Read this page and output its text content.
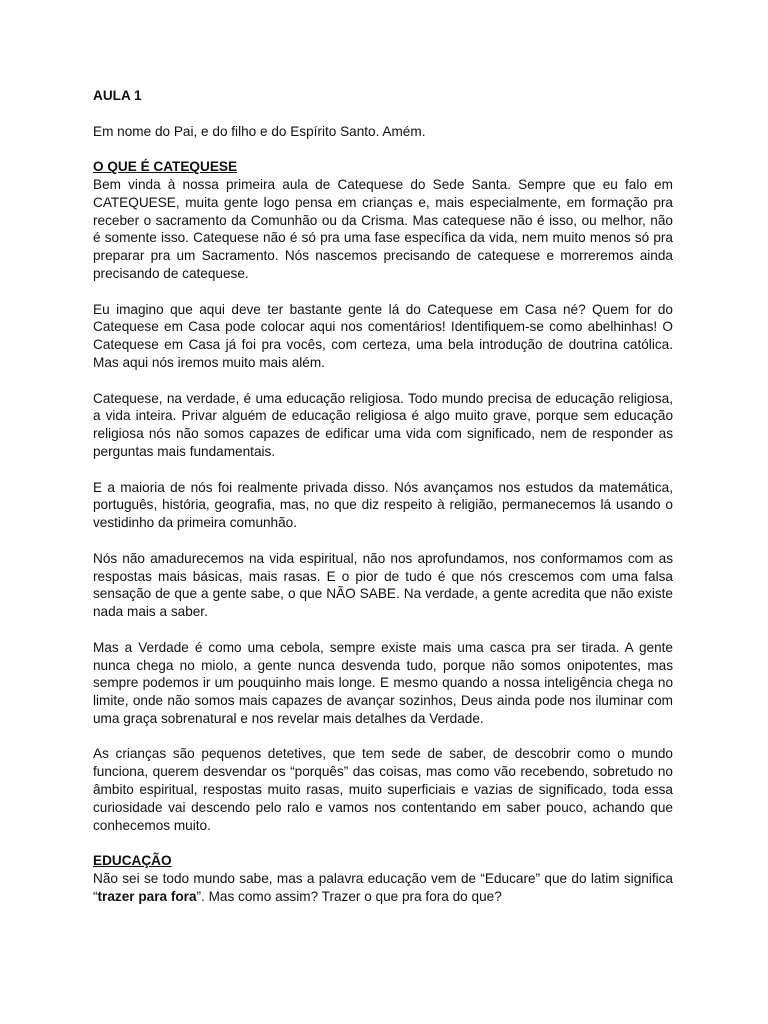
AULA 1

Em nome do Pai, e do filho e do Espírito Santo. Amém.

O QUE É CATEQUESE

Bem vinda à nossa primeira aula de Catequese do Sede Santa. Sempre que eu falo em CATEQUESE, muita gente logo pensa em crianças e, mais especialmente, em formação pra receber o sacramento da Comunhão ou da Crisma. Mas catequese não é isso, ou melhor, não é somente isso. Catequese não é só pra uma fase específica da vida, nem muito menos só pra preparar pra um Sacramento. Nós nascemos precisando de catequese e morreremos ainda precisando de catequese.

Eu imagino que aqui deve ter bastante gente lá do Catequese em Casa né? Quem for do Catequese em Casa pode colocar aqui nos comentários! Identifiquem-se como abelhinhas! O Catequese em Casa já foi pra vocês, com certeza, uma bela introdução de doutrina católica. Mas aqui nós iremos muito mais além.

Catequese, na verdade, é uma educação religiosa. Todo mundo precisa de educação religiosa, a vida inteira. Privar alguém de educação religiosa é algo muito grave, porque sem educação religiosa nós não somos capazes de edificar uma vida com significado, nem de responder as perguntas mais fundamentais.

E a maioria de nós foi realmente privada disso. Nós avançamos nos estudos da matemática, português, história, geografia, mas, no que diz respeito à religião, permanecemos lá usando o vestidinho da primeira comunhão.

Nós não amadurecemos na vida espiritual, não nos aprofundamos, nos conformamos com as respostas mais básicas, mais rasas. E o pior de tudo é que nós crescemos com uma falsa sensação de que a gente sabe, o que NÃO SABE. Na verdade, a gente acredita que não existe nada mais a saber.

Mas a Verdade é como uma cebola, sempre existe mais uma casca pra ser tirada. A gente nunca chega no miolo, a gente nunca desvenda tudo, porque não somos onipotentes, mas sempre podemos ir um pouquinho mais longe. E mesmo quando a nossa inteligência chega no limite, onde não somos mais capazes de avançar sozinhos, Deus ainda pode nos iluminar com uma graça sobrenatural e nos revelar mais detalhes da Verdade.

As crianças são pequenos detetives, que tem sede de saber, de descobrir como o mundo funciona, querem desvendar os “porquês” das coisas, mas como vão recebendo, sobretudo no âmbito espiritual, respostas muito rasas, muito superficiais e vazias de significado, toda essa curiosidade vai descendo pelo ralo e vamos nos contentando em saber pouco, achando que conhecemos muito.

EDUCAÇÃO

Não sei se todo mundo sabe, mas a palavra educação vem de “Educare” que do latim significa “trazer para fora”. Mas como assim? Trazer o que pra fora do que?
